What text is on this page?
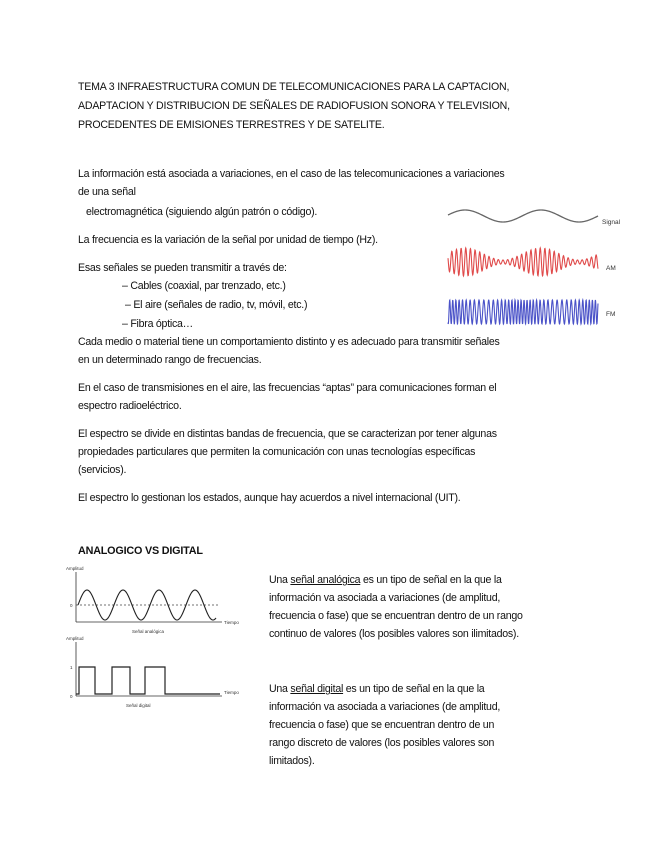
TEMA 3 INFRAESTRUCTURA COMUN DE TELECOMUNICACIONES PARA LA CAPTACION,
ADAPTACION Y DISTRIBUCION DE SEÑALES DE RADIOFUSION SONORA Y TELEVISION,
PROCEDENTES DE EMISIONES TERRESTRES Y DE SATELITE.
La información está asociada a variaciones, en el caso de las telecomunicaciones a variaciones
de una señal
electromagnética (siguiendo algún patrón o código).
La frecuencia es la variación de la señal por unidad de tiempo (Hz).
Esas señales se pueden transmitir a través de:
– Cables (coaxial, par trenzado, etc.)
– El aire (señales de radio, tv, móvil, etc.)
– Fibra óptica…
Cada medio o material tiene un comportamiento distinto y es adecuado para transmitir señales
en un determinado rango de frecuencias.
En el caso de transmisiones en el aire, las frecuencias “aptas” para comunicaciones forman el
espectro radioeléctrico.
El espectro se divide en distintas bandas de frecuencia, que se caracterizan por tener algunas
propiedades particulares que permiten la comunicación con unas tecnologías específicas
(servicios).
El espectro lo gestionan los estados, aunque hay acuerdos a nivel internacional (UIT).
Signal
AM
FM
ANALOGICO VS DIGITAL
Amplitud
0
Tiempo
Señal analógica
Amplitud
1
0
Tiempo
Señal digital
Una señal analógica es un tipo de señal en la que la
información va asociada a variaciones (de amplitud,
frecuencia o fase) que se encuentran dentro de un rango
continuo de valores (los posibles valores son ilimitados).
Una señal digital es un tipo de señal en la que la
información va asociada a variaciones (de amplitud,
frecuencia o fase) que se encuentran dentro de un
rango discreto de valores (los posibles valores son
limitados).
